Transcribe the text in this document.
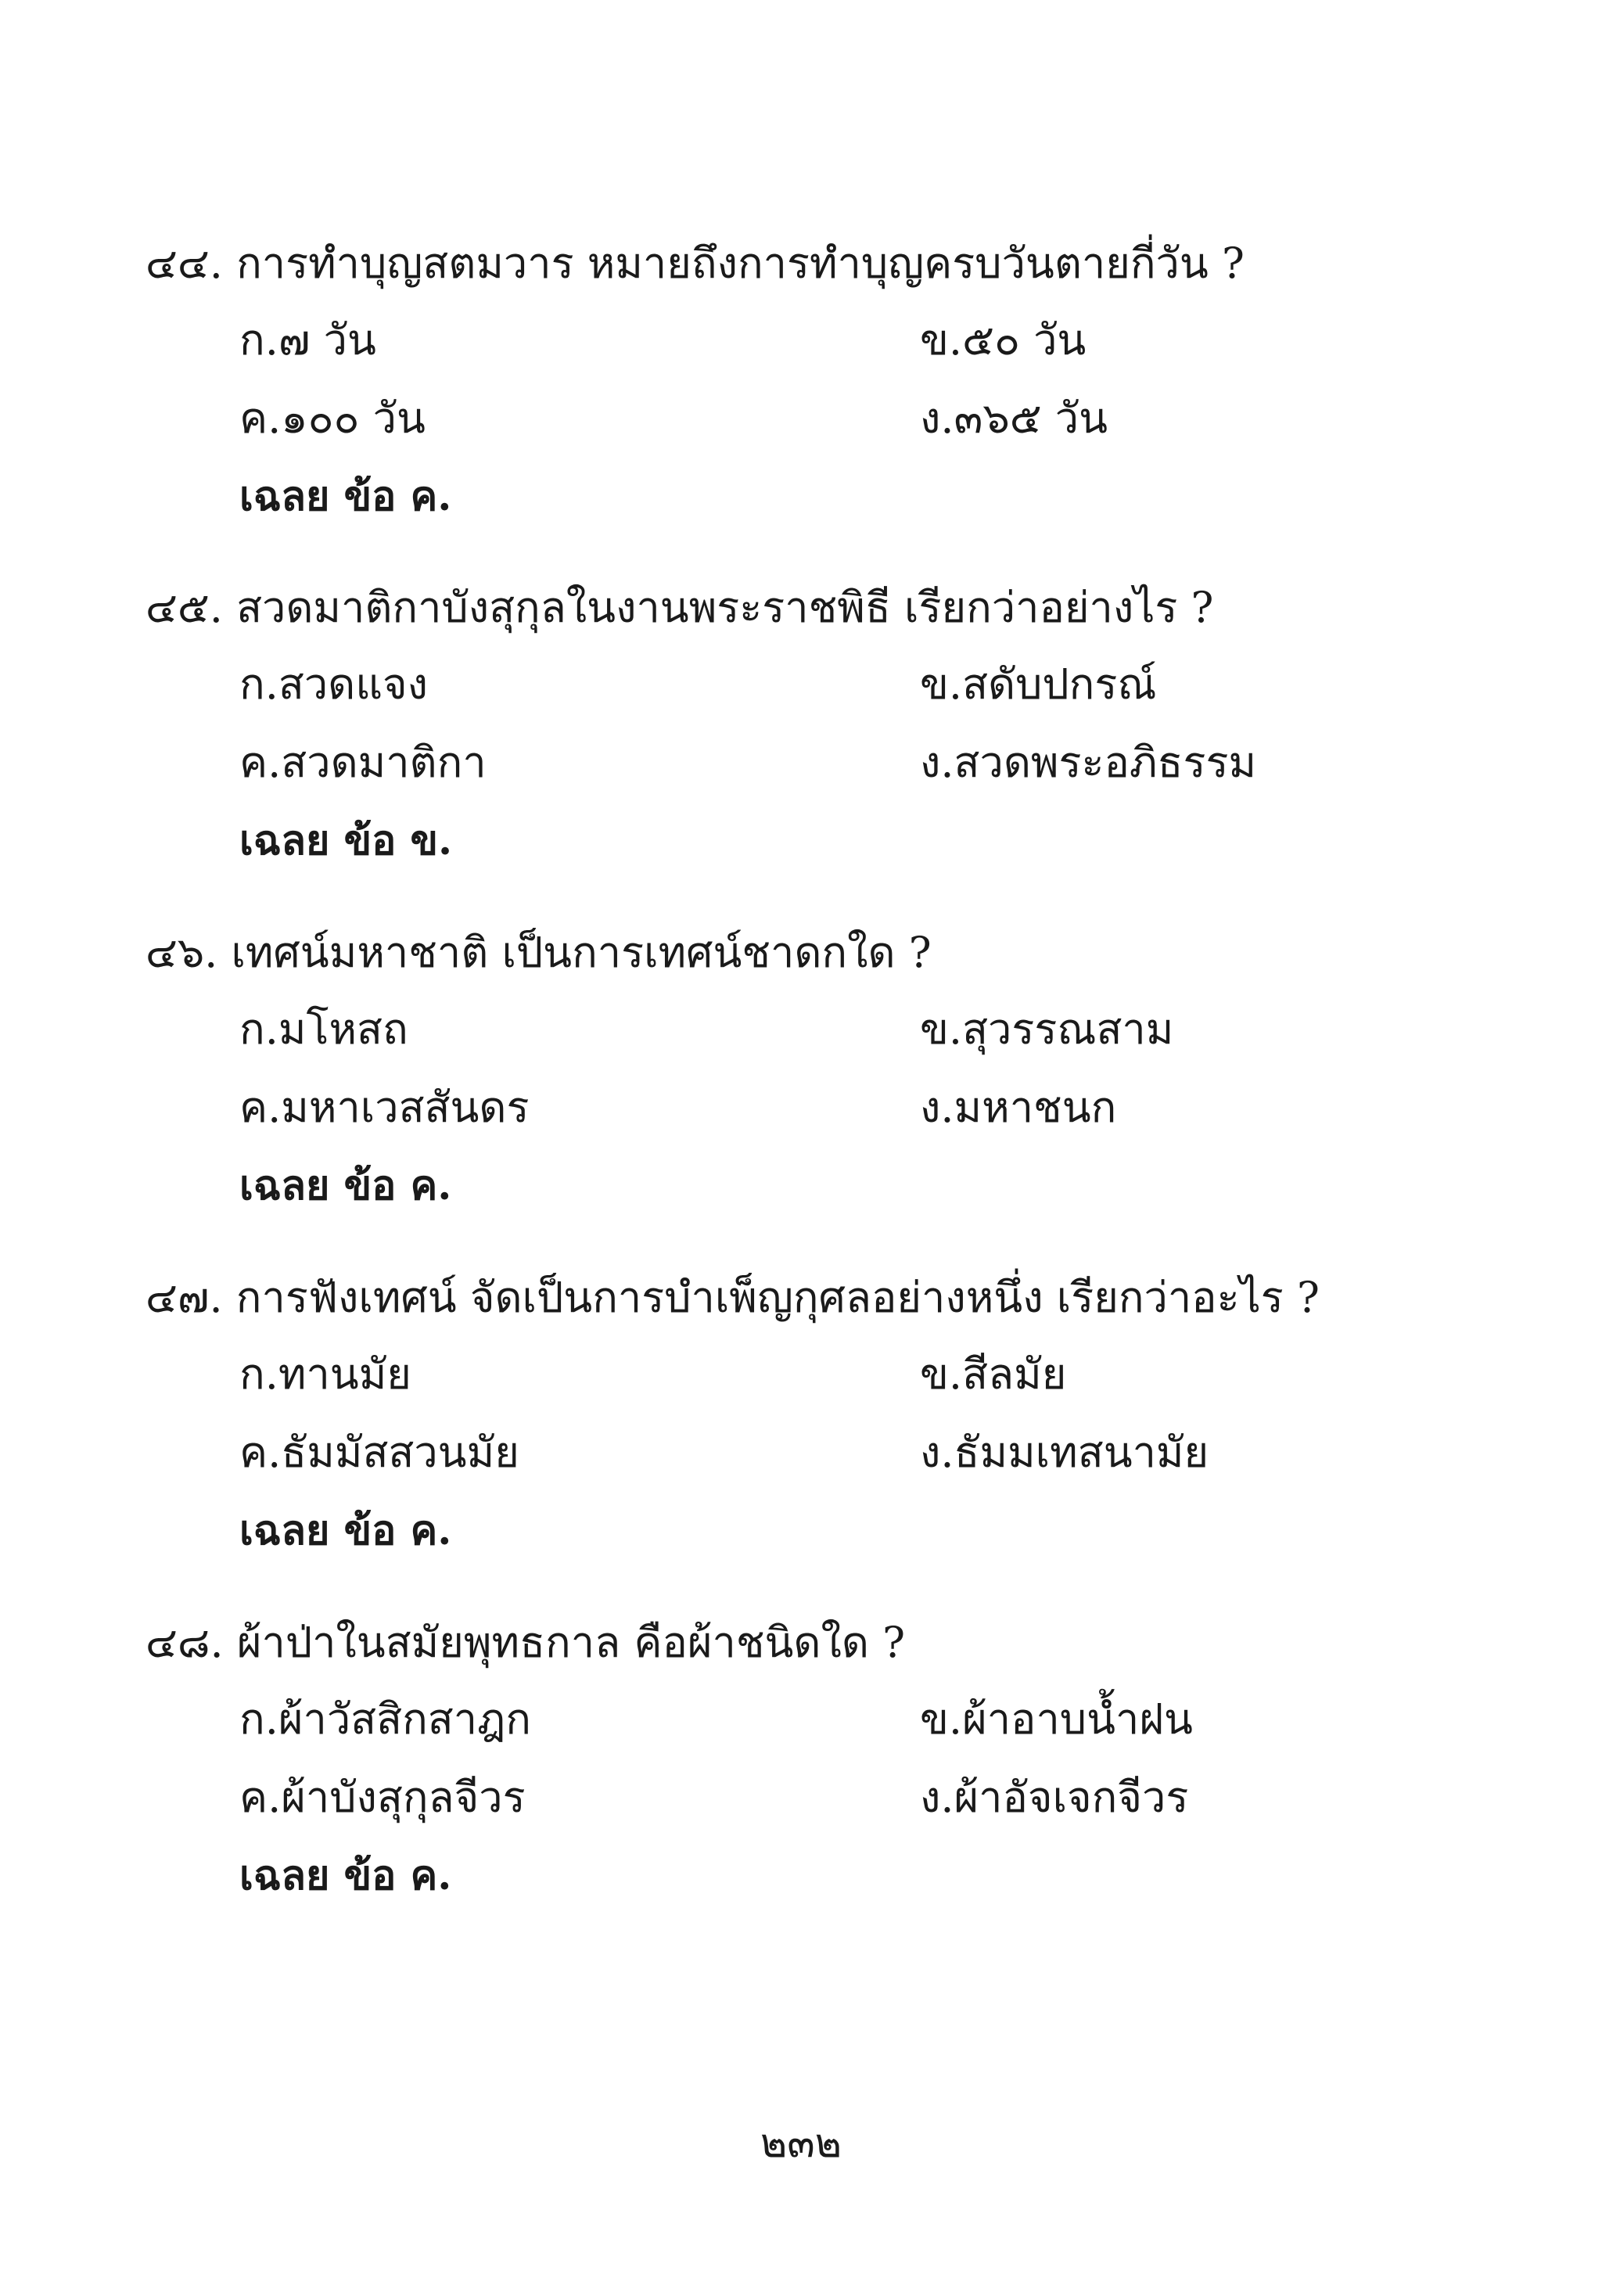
๔๔. การทำบุญสตมวาร หมายถึงการทำบุญครบวันตายกี่วัน ?
ก.๗ วัน	ข.๕๐ วัน
ค.๑๐๐ วัน	ง.๓๖๕ วัน
เฉลย ข้อ ค.
๔๕. สวดมาติกาบังสุกุลในงานพระราชพิธี เรียกว่าอย่างไร ?
ก.สวดแจง	ข.สดับปกรณ์
ค.สวดมาติกา	ง.สวดพระอภิธรรม
เฉลย ข้อ ข.
๔๖. เทศน์มหาชาติ เป็นการเทศน์ชาดกใด ?
ก.มโหสถ	ข.สุวรรณสาม
ค.มหาเวสสันดร	ง.มหาชนก
เฉลย ข้อ ค.
๔๗. การฟังเทศน์ จัดเป็นการบำเพ็ญกุศลอย่างหนึ่ง เรียกว่าอะไร ?
ก.ทานมัย	ข.สีลมัย
ค.ธัมมัสสวนมัย	ง.ธัมมเทสนามัย
เฉลย ข้อ ค.
๔๘. ผ้าป่าในสมัยพุทธกาล คือผ้าชนิดใด ?
ก.ผ้าวัสสิกสาฎก	ข.ผ้าอาบน้ำฝน
ค.ผ้าบังสุกุลจีวร	ง.ผ้าอัจเจกจีวร
เฉลย ข้อ ค.
๒๓๒
